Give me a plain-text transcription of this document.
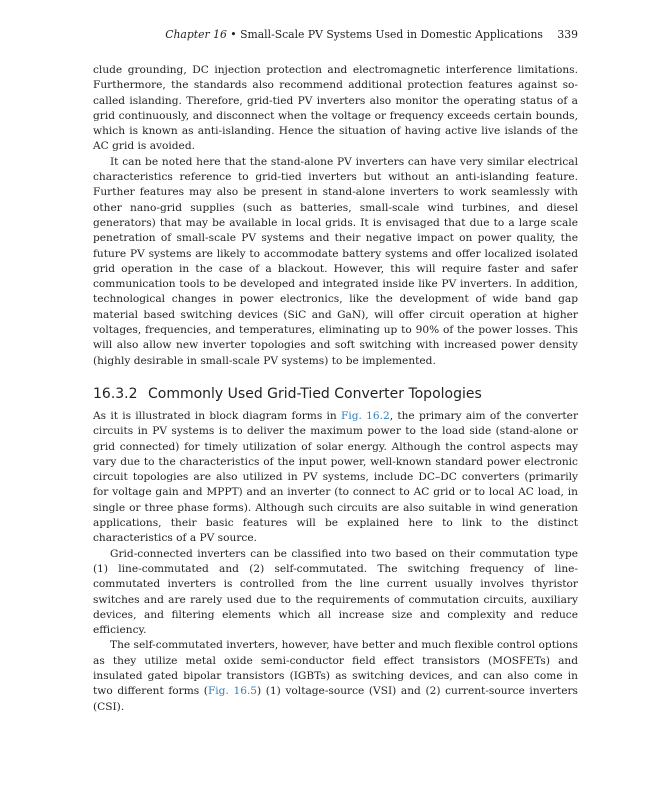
Chapter 16 • Small-Scale PV Systems Used in Domestic Applications 339

clude grounding, DC injection protection and electromagnetic interference limitations. Furthermore, the standards also recommend additional protection features against so-called islanding. Therefore, grid-tied PV inverters also monitor the operating status of a grid continuously, and disconnect when the voltage or frequency exceeds certain bounds, which is known as anti-islanding. Hence the situation of having active live islands of the AC grid is avoided.

It can be noted here that the stand-alone PV inverters can have very similar electrical characteristics reference to grid-tied inverters but without an anti-islanding feature. Further features may also be present in stand-alone inverters to work seamlessly with other nano-grid supplies (such as batteries, small-scale wind turbines, and diesel generators) that may be available in local grids. It is envisaged that due to a large scale penetration of small-scale PV systems and their negative impact on power quality, the future PV systems are likely to accommodate battery systems and offer localized isolated grid operation in the case of a blackout. However, this will require faster and safer communication tools to be developed and integrated inside like PV inverters. In addition, technological changes in power electronics, like the development of wide band gap material based switching devices (SiC and GaN), will offer circuit operation at higher voltages, frequencies, and temperatures, eliminating up to 90% of the power losses. This will also allow new inverter topologies and soft switching with increased power density (highly desirable in small-scale PV systems) to be implemented.

16.3.2 Commonly Used Grid-Tied Converter Topologies

As it is illustrated in block diagram forms in Fig. 16.2, the primary aim of the converter circuits in PV systems is to deliver the maximum power to the load side (stand-alone or grid connected) for timely utilization of solar energy. Although the control aspects may vary due to the characteristics of the input power, well-known standard power electronic circuit topologies are also utilized in PV systems, include DC–DC converters (primarily for voltage gain and MPPT) and an inverter (to connect to AC grid or to local AC load, in single or three phase forms). Although such circuits are also suitable in wind generation applications, their basic features will be explained here to link to the distinct characteristics of a PV source.

Grid-connected inverters can be classified into two based on their commutation type (1) line-commutated and (2) self-commutated. The switching frequency of line-commutated inverters is controlled from the line current usually involves thyristor switches and are rarely used due to the requirements of commutation circuits, auxiliary devices, and filtering elements which all increase size and complexity and reduce efficiency.

The self-commutated inverters, however, have better and much flexible control options as they utilize metal oxide semi-conductor field effect transistors (MOSFETs) and insulated gated bipolar transistors (IGBTs) as switching devices, and can also come in two different forms (Fig. 16.5) (1) voltage-source (VSI) and (2) current-source inverters (CSI).
